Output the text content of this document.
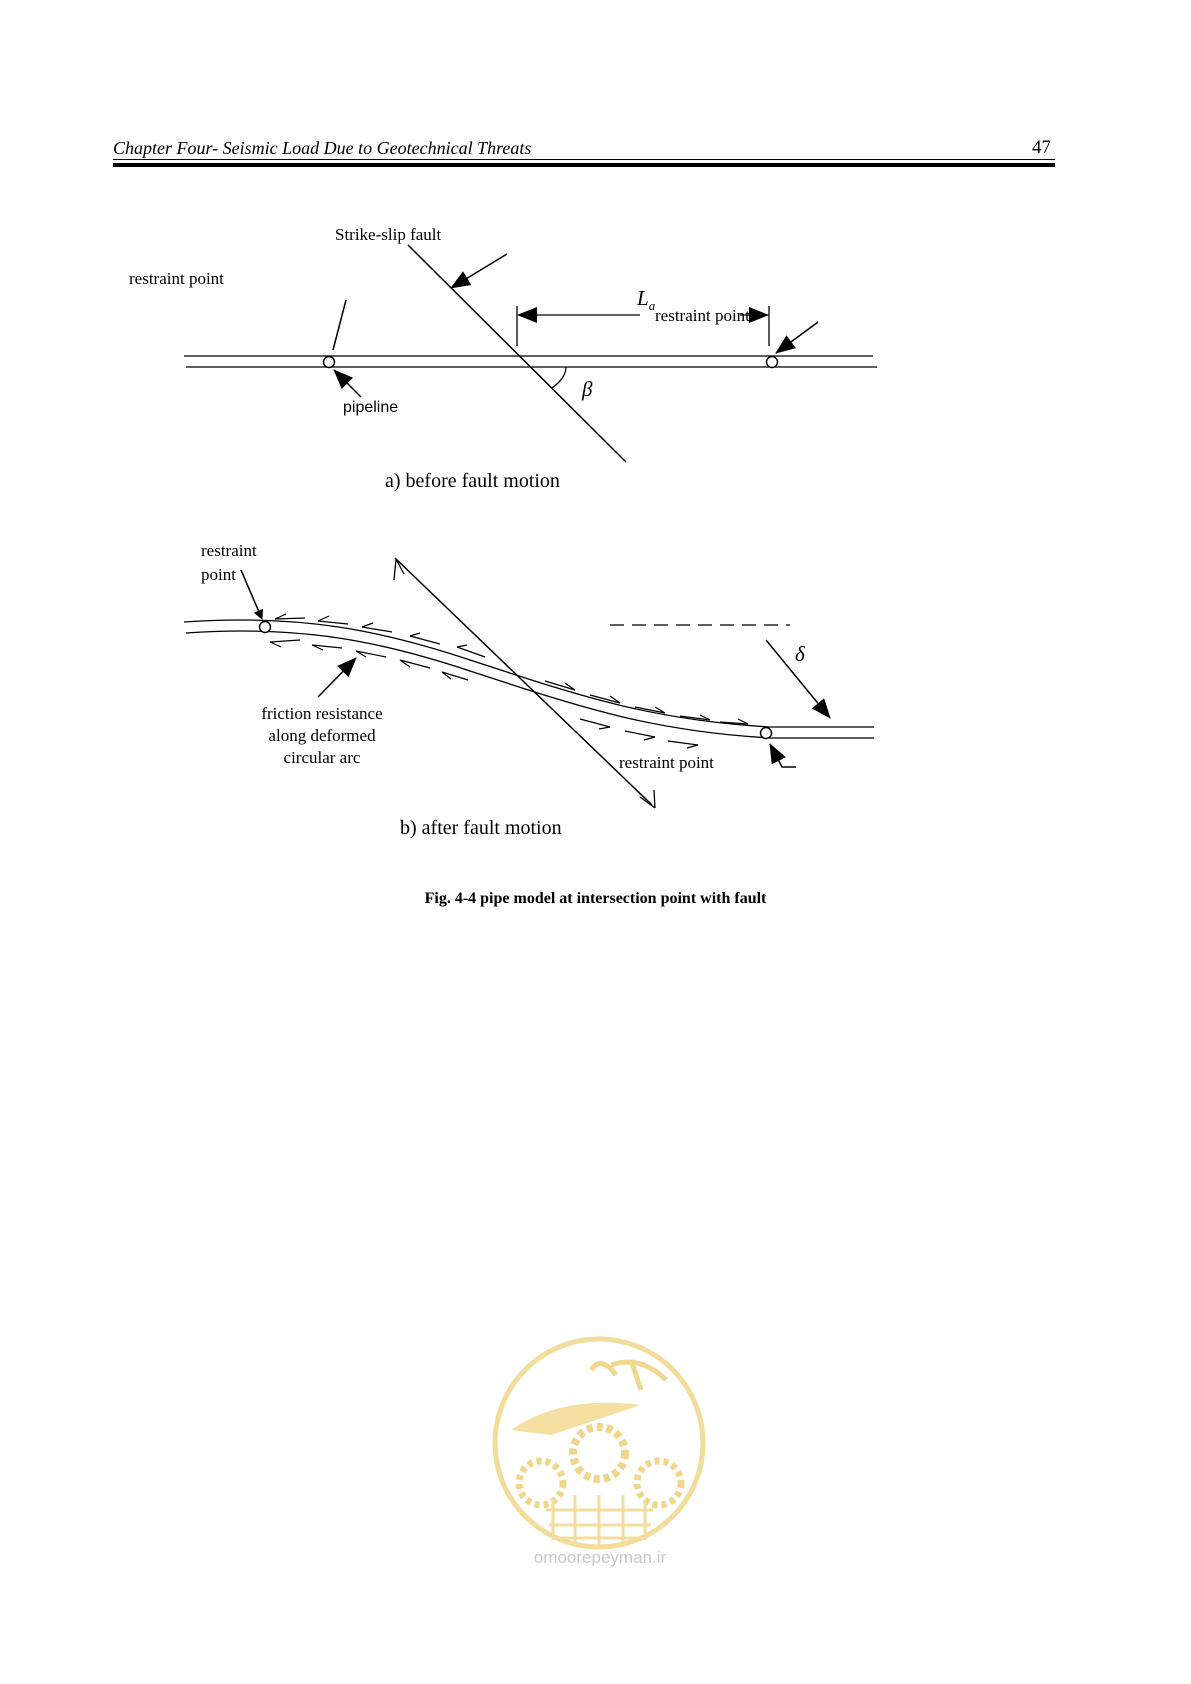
Chapter Four- Seismic Load Due to Geotechnical Threats	47
Strike-slip fault
restraint point
$L_a$
restraint point
pipeline
β
a) before fault motion
restraint
point
δ
friction resistance
along deformed
circular arc	restraint point
b) after fault motion
Fig. 4-4 pipe model at intersection point with fault
omoorepeyman.ir
